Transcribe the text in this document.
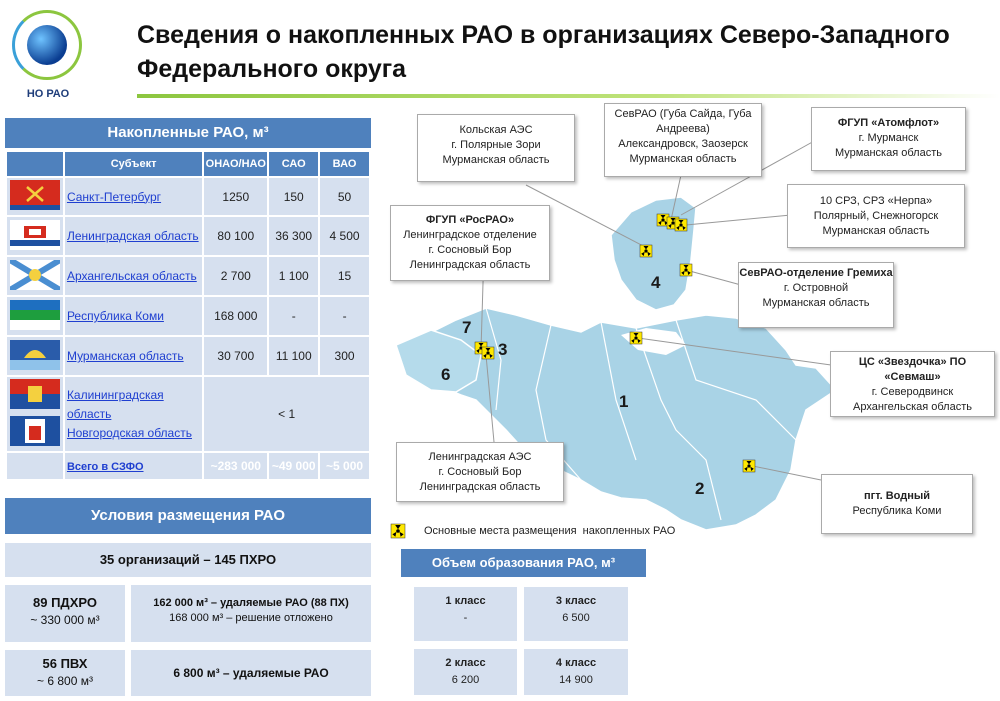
НО РАО
Сведения о накопленных РАО в организациях Северо-Западного Федерального округа
Накопленные РАО, м³
	Субъект	ОНАО/НАО	САО	ВАО
	Санкт-Петербург	1250	150	50
	Ленинградская область	80 100	36 300	4 500
	Архангельская область	2 700	1 100	15
	Республика Коми	168 000	-	-
	Мурманская область	30 700	11 100	300
	Калининградская область
Новгородская область	< 1		
	Всего в СЗФО	~283 000	~49 000	~5 000
Условия размещения РАО
35 организаций – 145 ПХРО
89 ПДХРО
~ 330 000 м³
162 000 м³ – удаляемые РАО (88 ПХ)
168 000 м³ – решение отложено
56 ПВХ
~ 6 800 м³
6 800 м³ – удаляемые РАО
4
1
2
3
7
6
Кольская АЭС
г. Полярные Зори
Мурманская область
СевРАО (Губа Сайда, Губа Андреева)
Александровск, Заозерск
Мурманская область
ФГУП «Атомфлот»
г. Мурманск
Мурманская область
10 СРЗ, СРЗ «Нерпа»
Полярный, Снежногорск
Мурманская область
СевРАО-отделение Гремиха
г. Островной
Мурманская область
ЦС «Звездочка» ПО «Севмаш»
г. Северодвинск
Архангельская область
ФГУП «РосРАО»
Ленинградское отделение
г. Сосновый Бор
Ленинградская область
Ленинградская АЭС
г. Сосновый Бор
Ленинградская область
пгт. Водный
Республика Коми
Основные места размещения  накопленных РАО
Объем образования РАО, м³
1 класс
-
3 класс
6 500
2 класс
6 200
4 класс
14 900
